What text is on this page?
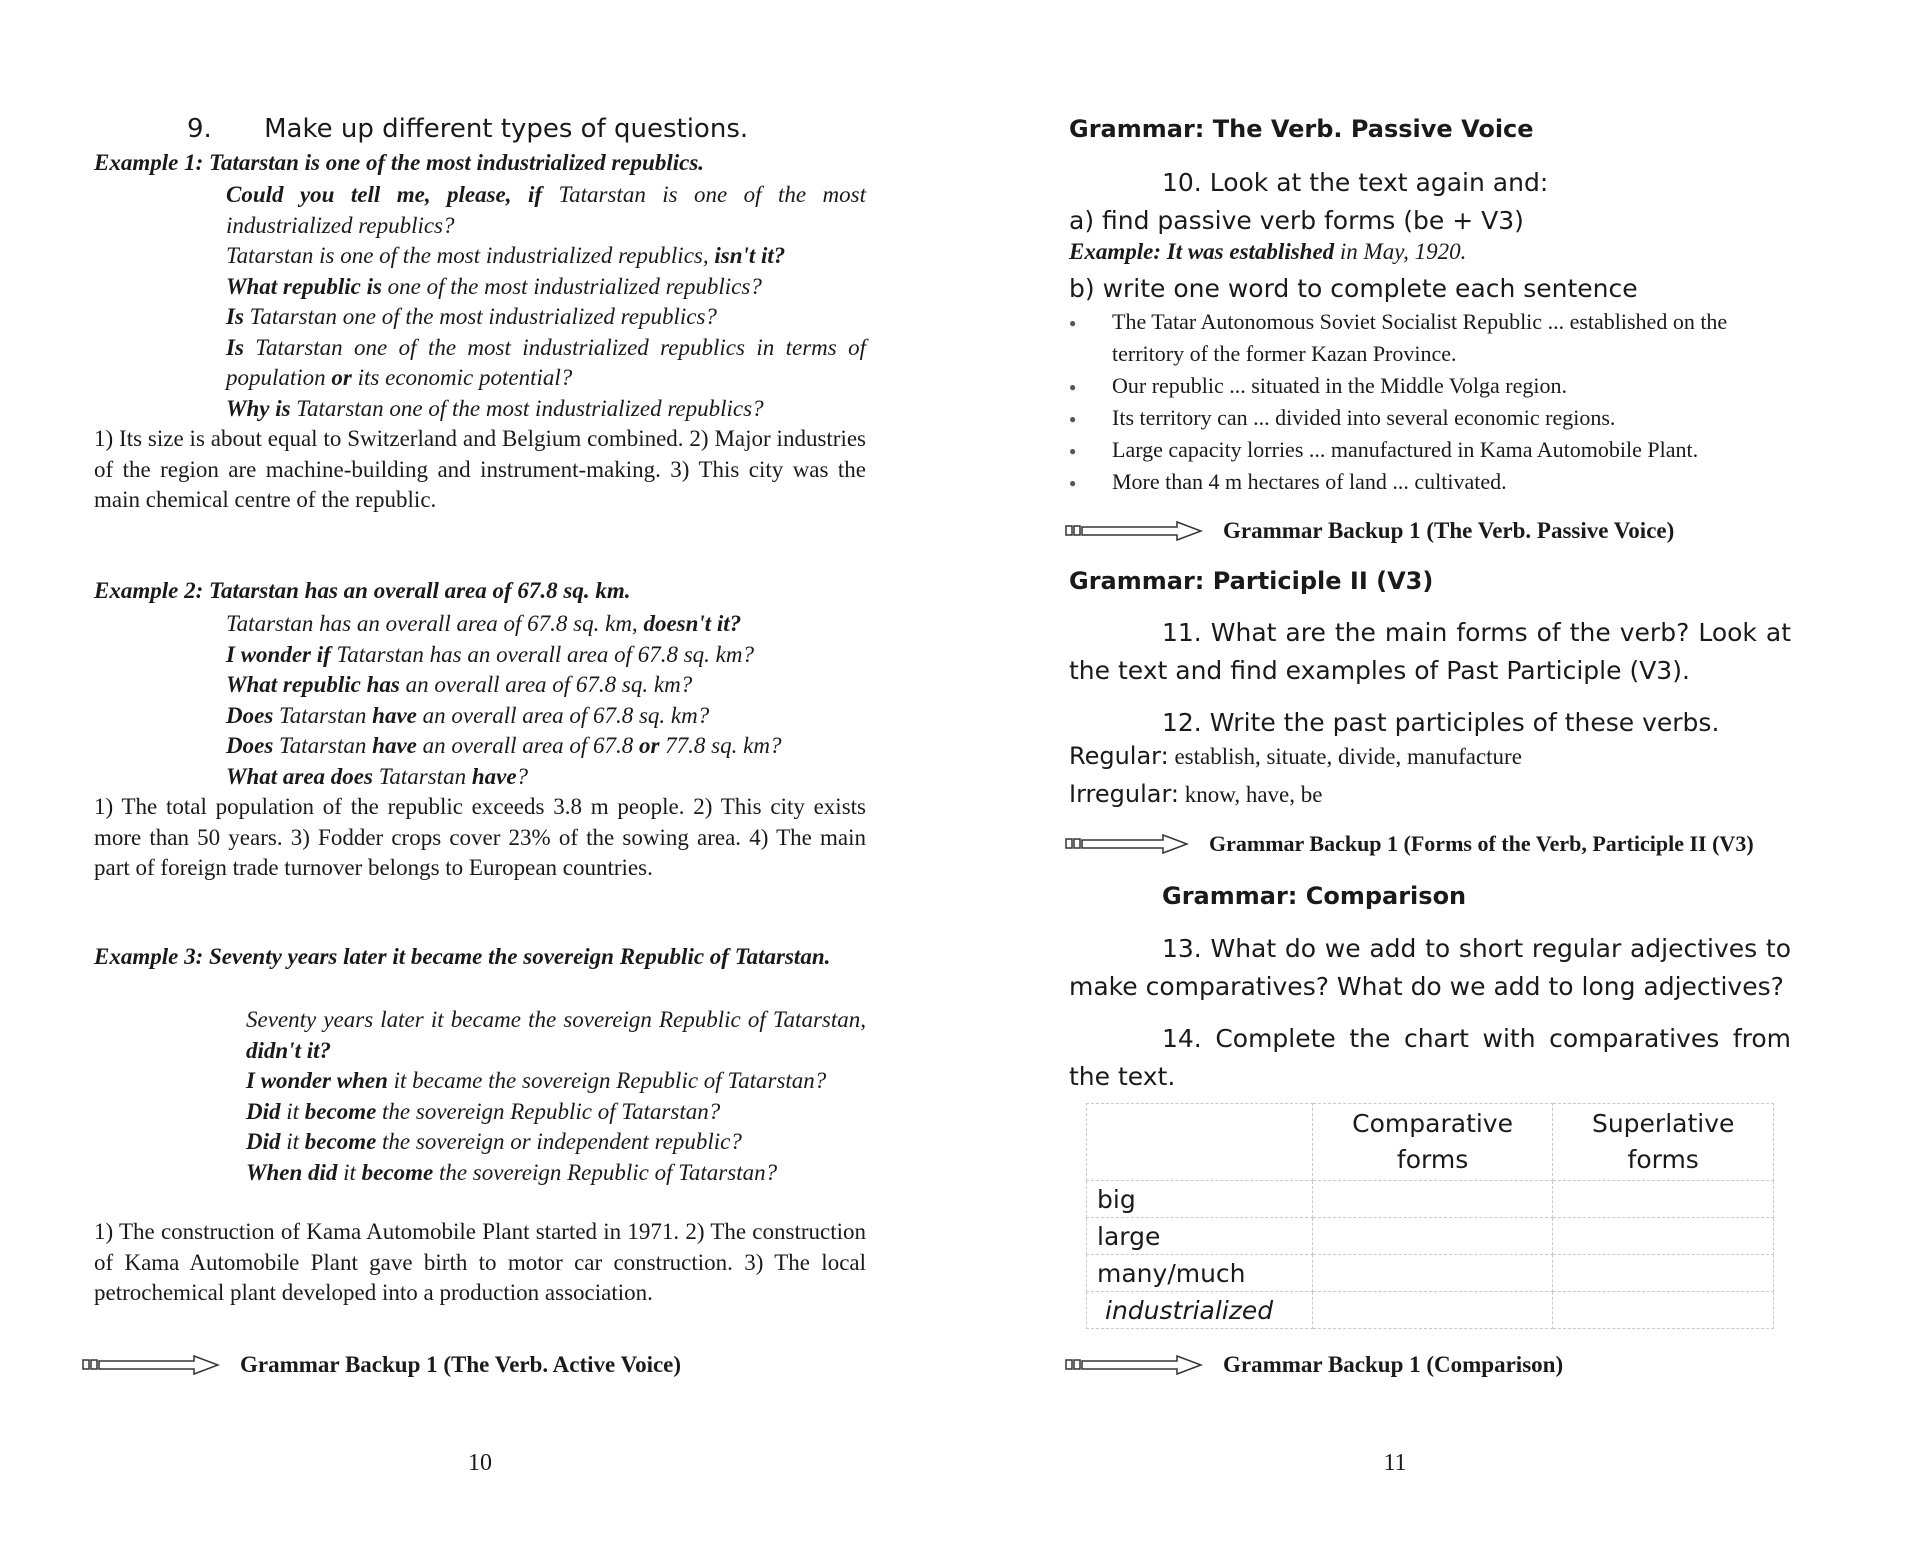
9. Make up different types of questions.
Example 1: Tatarstan is one of the most industrialized republics.
Could you tell me, please, if Tatarstan is one of the most industrialized republics?
Tatarstan is one of the most industrialized republics, isn't it?
What republic is one of the most industrialized republics?
Is Tatarstan one of the most industrialized republics?
Is Tatarstan one of the most industrialized republics in terms of population or its economic potential?
Why is Tatarstan one of the most industrialized republics?
1) Its size is about equal to Switzerland and Belgium combined. 2) Major industries of the region are machine-building and instrument-making. 3) This city was the main chemical centre of the republic.
Example 2: Tatarstan has an overall area of 67.8 sq. km.
Tatarstan has an overall area of 67.8 sq. km, doesn't it?
I wonder if Tatarstan has an overall area of 67.8 sq. km?
What republic has an overall area of 67.8 sq. km?
Does Tatarstan have an overall area of 67.8 sq. km?
Does Tatarstan have an overall area of 67.8 or 77.8 sq. km?
What area does Tatarstan have?
1) The total population of the republic exceeds 3.8 m people. 2) This city exists more than 50 years. 3) Fodder crops cover 23% of the sowing area. 4) The main part of foreign trade turnover belongs to European countries.
Example 3: Seventy years later it became the sovereign Republic of Tatarstan.
Seventy years later it became the sovereign Republic of Tatarstan, didn't it?
I wonder when it became the sovereign Republic of Tatarstan?
Did it become the sovereign Republic of Tatarstan?
Did it become the sovereign or independent republic?
When did it become the sovereign Republic of Tatarstan?
1) The construction of Kama Automobile Plant started in 1971. 2) The construction of Kama Automobile Plant gave birth to motor car construction. 3) The local petrochemical plant developed into a production association.
Grammar Backup 1 (The Verb. Active Voice)
10
Grammar: The Verb. Passive Voice
10. Look at the text again and:
a) find passive verb forms (be + V3)
Example: It was established in May, 1920.
b) write one word to complete each sentence
● The Tatar Autonomous Soviet Socialist Republic ... established on the territory of the former Kazan Province.
● Our republic ... situated in the Middle Volga region.
● Its territory can ... divided into several economic regions.
● Large capacity lorries ... manufactured in Kama Automobile Plant.
● More than 4 m hectares of land ... cultivated.
Grammar Backup 1 (The Verb. Passive Voice)
Grammar: Participle II (V3)
11. What are the main forms of the verb? Look at the text and find examples of Past Participle (V3).
12. Write the past participles of these verbs.
Regular: establish, situate, divide, manufacture
Irregular: know, have, be
Grammar Backup 1 (Forms of the Verb, Participle II (V3)
Grammar: Comparison
13. What do we add to short regular adjectives to make comparatives? What do we add to long adjectives?
14. Complete the chart with comparatives from the text.
	Comparative forms	Superlative forms
big		
large		
many/much		
industrialized		
Grammar Backup 1 (Comparison)
11
